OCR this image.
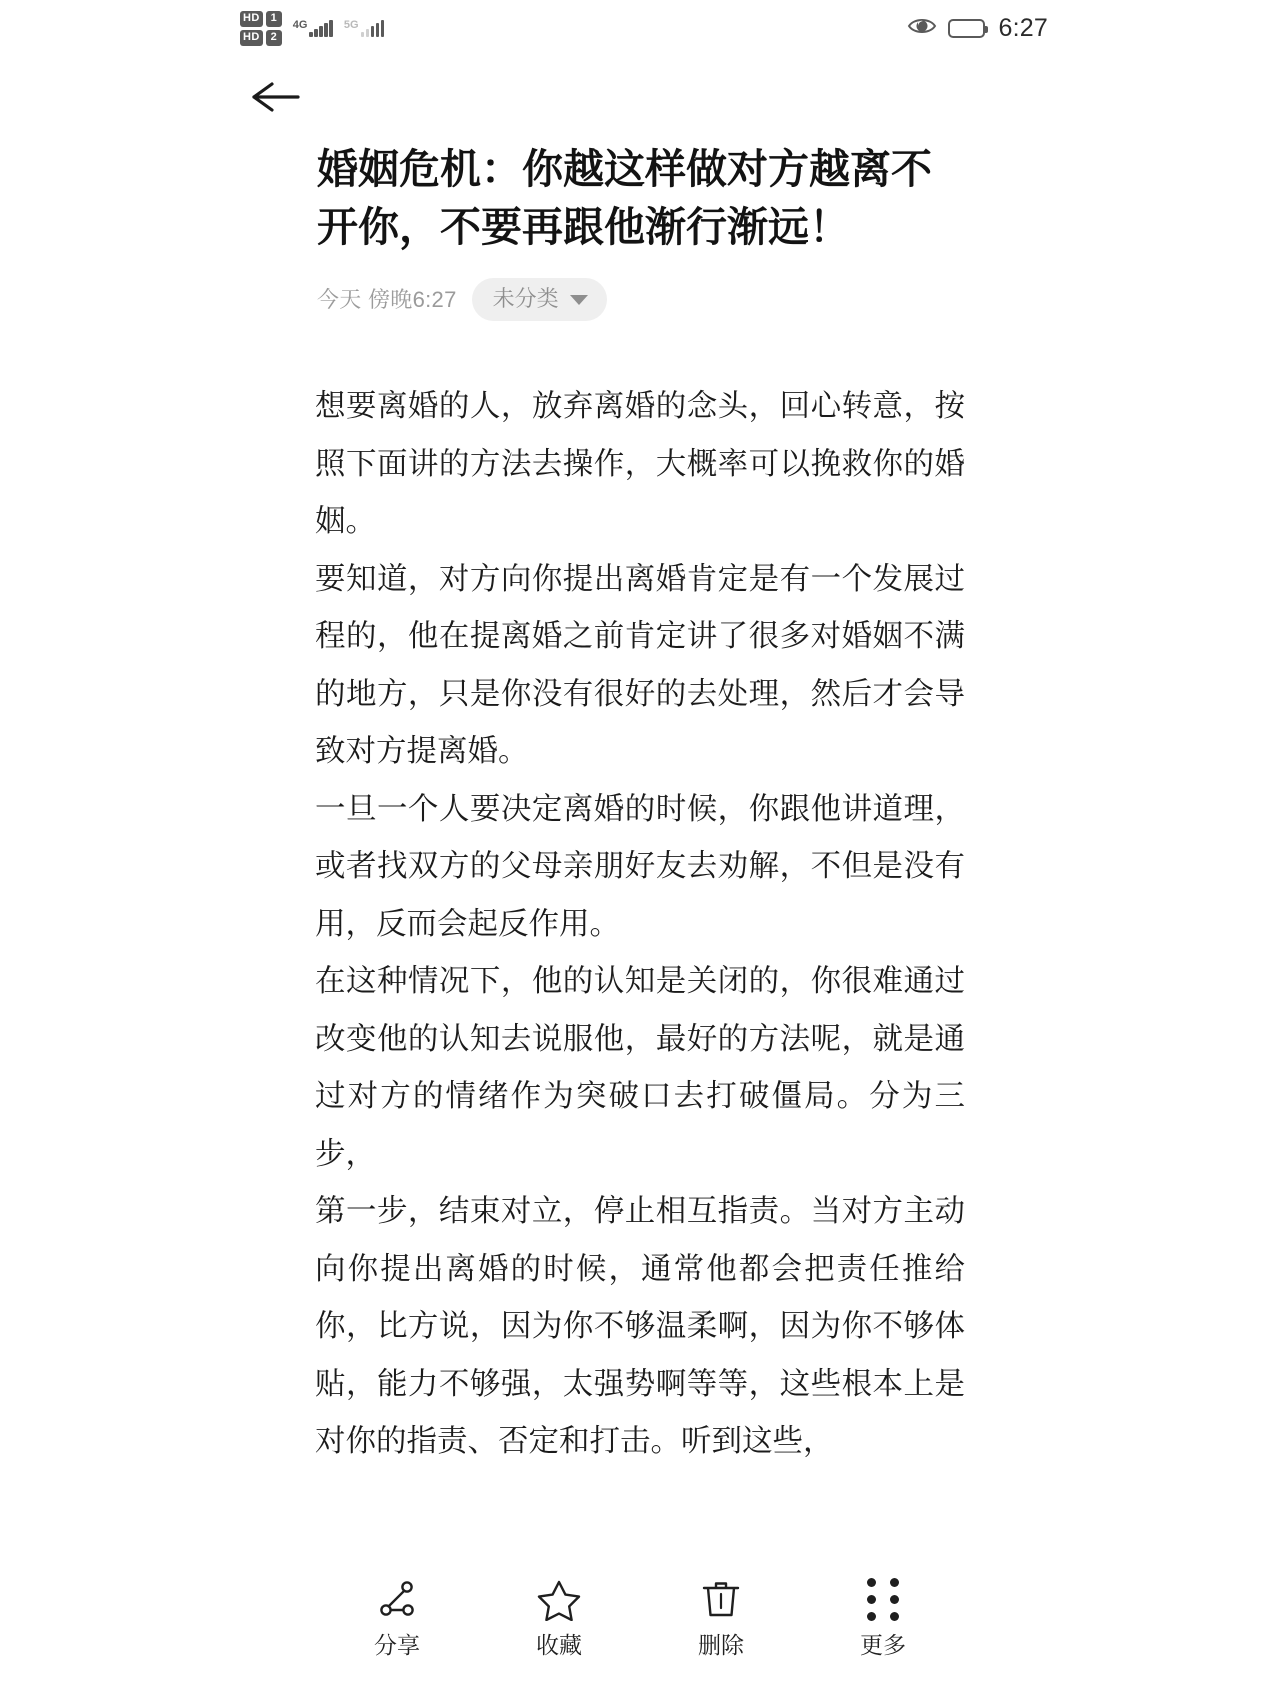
HD 1
HD 2
4G	5G	6:27
婚姻危机：你越这样做对方越离不开你，不要再跟他渐行渐远！
今天 傍晚6:27 未分类

想要离婚的人，放弃离婚的念头，回心转意，按照下面讲的方法去操作，大概率可以挽救你的婚姻。

要知道，对方向你提出离婚肯定是有一个发展过程的，他在提离婚之前肯定讲了很多对婚姻不满的地方，只是你没有很好的去处理，然后才会导致对方提离婚。

一旦一个人要决定离婚的时候，你跟他讲道理，或者找双方的父母亲朋好友去劝解，不但是没有用，反而会起反作用。

在这种情况下，他的认知是关闭的，你很难通过改变他的认知去说服他，最好的方法呢，就是通过对方的情绪作为突破口去打破僵局。分为三步，

第一步，结束对立，停止相互指责。当对方主动向你提出离婚的时候，通常他都会把责任推给你，比方说，因为你不够温柔啊，因为你不够体贴，能力不够强，太强势啊等等，这些根本上是对你的指责、否定和打击。听到这些，

分享	收藏	删除	更多
